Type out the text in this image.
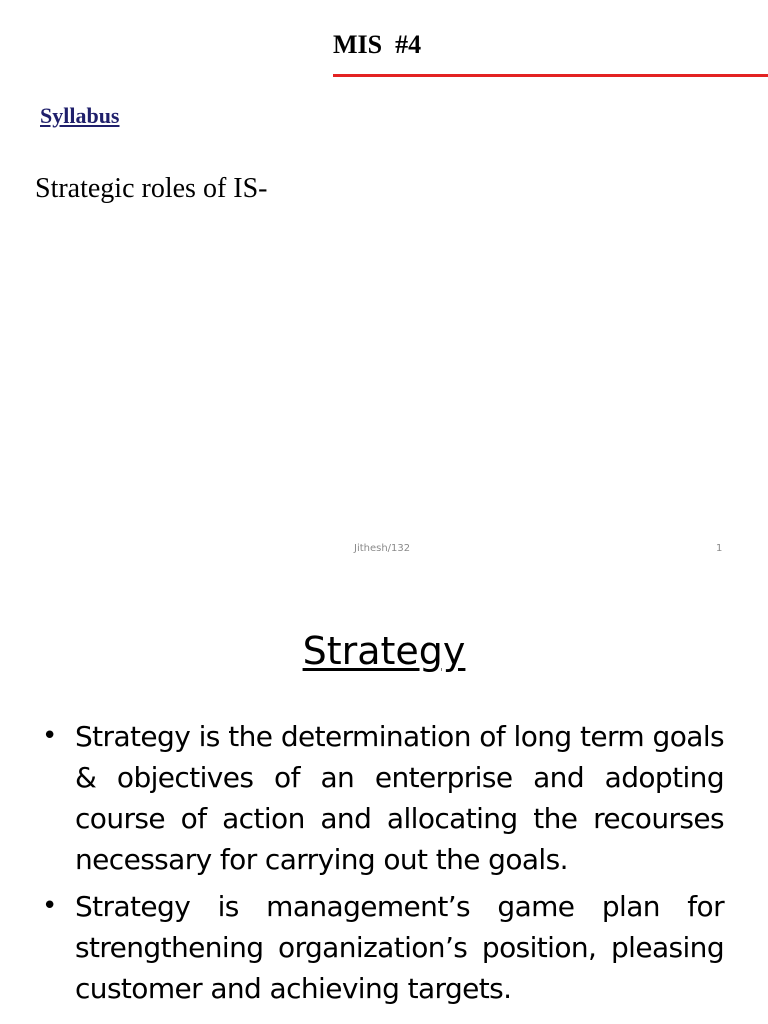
MIS  #4
Syllabus
Strategic roles of IS-
Jithesh/132	1
Strategy
• Strategy is the determination of long term goals & objectives of an enterprise and adopting course of action and allocating the recourses necessary for carrying out the goals.
• Strategy is management’s game plan for strengthening organization’s position, pleasing customer and achieving targets.
